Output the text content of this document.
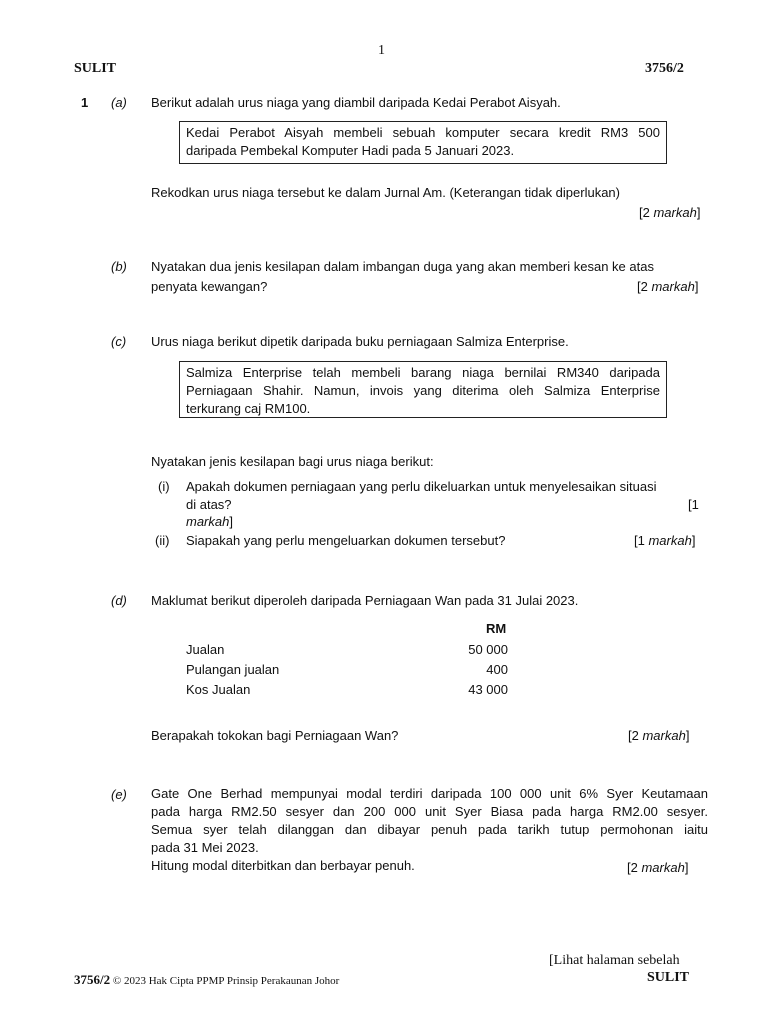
1
SULIT	3756/2
1 (a) Berikut adalah urus niaga yang diambil daripada Kedai Perabot Aisyah.
Kedai Perabot Aisyah membeli sebuah komputer secara kredit RM3 500
daripada Pembekal Komputer Hadi pada 5 Januari 2023.
Rekodkan urus niaga tersebut ke dalam Jurnal Am. (Keterangan tidak diperlukan)
[2 markah]
(b) Nyatakan dua jenis kesilapan dalam imbangan duga yang akan memberi kesan ke atas
penyata kewangan?	[2 markah]
(c) Urus niaga berikut dipetik daripada buku perniagaan Salmiza Enterprise.
Salmiza Enterprise telah membeli barang niaga bernilai RM340 daripada
Perniagaan Shahir. Namun, invois yang diterima oleh Salmiza Enterprise
terkurang caj RM100.
Nyatakan jenis kesilapan bagi urus niaga berikut:
(i) Apakah dokumen perniagaan yang perlu dikeluarkan untuk menyelesaikan situasi
di atas?	[1
markah]
(ii) Siapakah yang perlu mengeluarkan dokumen tersebut?	[1 markah]
(d) Maklumat berikut diperoleh daripada Perniagaan Wan pada 31 Julai 2023.
RM
Jualan	50 000
Pulangan jualan	400
Kos Jualan	43 000
Berapakah tokokan bagi Perniagaan Wan?	[2 markah]
(e) Gate One Berhad mempunyai modal terdiri daripada 100 000 unit 6% Syer Keutamaan
pada harga RM2.50 sesyer dan 200 000 unit Syer Biasa pada harga RM2.00 sesyer.
Semua syer telah dilanggan dan dibayar penuh pada tarikh tutup permohonan iaitu
pada 31 Mei 2023.
Hitung modal diterbitkan dan berbayar penuh.	[2 markah]
[Lihat halaman sebelah
3756/2 © 2023 Hak Cipta PPMP Prinsip Perakaunan Johor	SULIT
